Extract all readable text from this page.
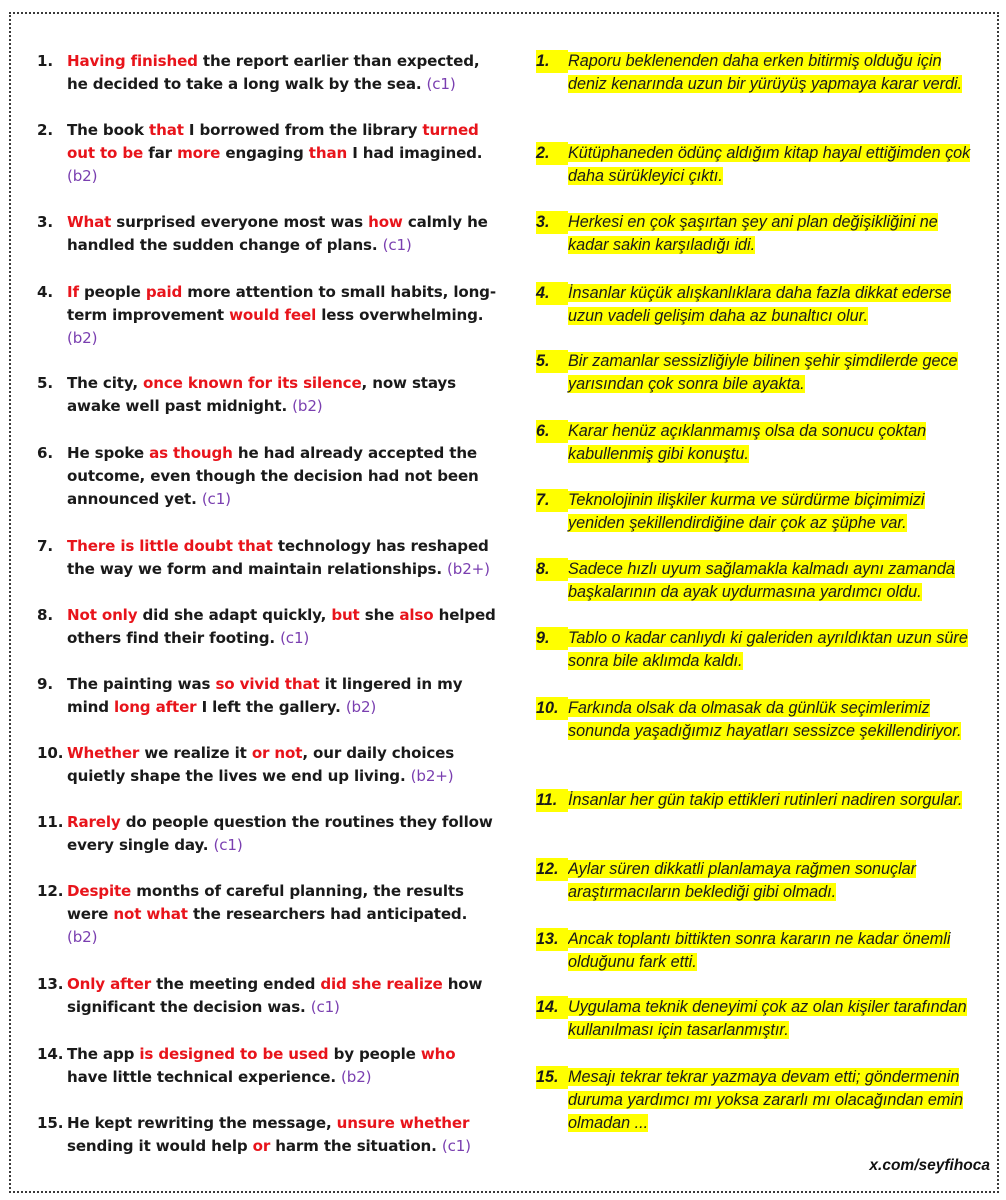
1. Having finished the report earlier than expected, he decided to take a long walk by the sea. (c1)
2. The book that I borrowed from the library turned out to be far more engaging than I had imagined. (b2)
3. What surprised everyone most was how calmly he handled the sudden change of plans. (c1)
4. If people paid more attention to small habits, long-term improvement would feel less overwhelming. (b2)
5. The city, once known for its silence, now stays awake well past midnight. (b2)
6. He spoke as though he had already accepted the outcome, even though the decision had not been announced yet. (c1)
7. There is little doubt that technology has reshaped the way we form and maintain relationships. (b2+)
8. Not only did she adapt quickly, but she also helped others find their footing. (c1)
9. The painting was so vivid that it lingered in my mind long after I left the gallery. (b2)
10. Whether we realize it or not, our daily choices quietly shape the lives we end up living. (b2+)
11. Rarely do people question the routines they follow every single day. (c1)
12. Despite months of careful planning, the results were not what the researchers had anticipated. (b2)
13. Only after the meeting ended did she realize how significant the decision was. (c1)
14. The app is designed to be used by people who have little technical experience. (b2)
15. He kept rewriting the message, unsure whether sending it would help or harm the situation. (c1)
1.	Raporu beklenenden daha erken bitirmiş olduğu için deniz kenarında uzun bir yürüyüş yapmaya karar verdi.
2.	Kütüphaneden ödünç aldığım kitap hayal ettiğimden çok daha sürükleyici çıktı.
3.	Herkesi en çok şaşırtan şey ani plan değişikliğini ne kadar sakin karşıladığı idi.
4.	İnsanlar küçük alışkanlıklara daha fazla dikkat ederse uzun vadeli gelişim daha az bunaltıcı olur.
5.	Bir zamanlar sessizliğiyle bilinen şehir şimdilerde gece yarısından çok sonra bile ayakta.
6.	Karar henüz açıklanmamış olsa da sonucu çoktan kabullenmiş gibi konuştu.
7.	Teknolojinin ilişkiler kurma ve sürdürme biçimimizi yeniden şekillendirdiğine dair çok az şüphe var.
8.	Sadece hızlı uyum sağlamakla kalmadı aynı zamanda başkalarının da ayak uydurmasına yardımcı oldu.
9.	Tablo o kadar canlıydı ki galeriden ayrıldıktan uzun süre sonra bile aklımda kaldı.
10. Farkında olsak da olmasak da günlük seçimlerimiz sonunda yaşadığımız hayatları sessizce şekillendiriyor.
11. İnsanlar her gün takip ettikleri rutinleri nadiren sorgular.
12. Aylar süren dikkatli planlamaya rağmen sonuçlar araştırmacıların beklediği gibi olmadı.
13. Ancak toplantı bittikten sonra kararın ne kadar önemli olduğunu fark etti.
14. Uygulama teknik deneyimi çok az olan kişiler tarafından kullanılması için tasarlanmıştır.
15. Mesajı tekrar tekrar yazmaya devam etti; göndermenin duruma yardımcı mı yoksa zararlı mı olacağından emin olmadan ...
x.com/seyfihoca
